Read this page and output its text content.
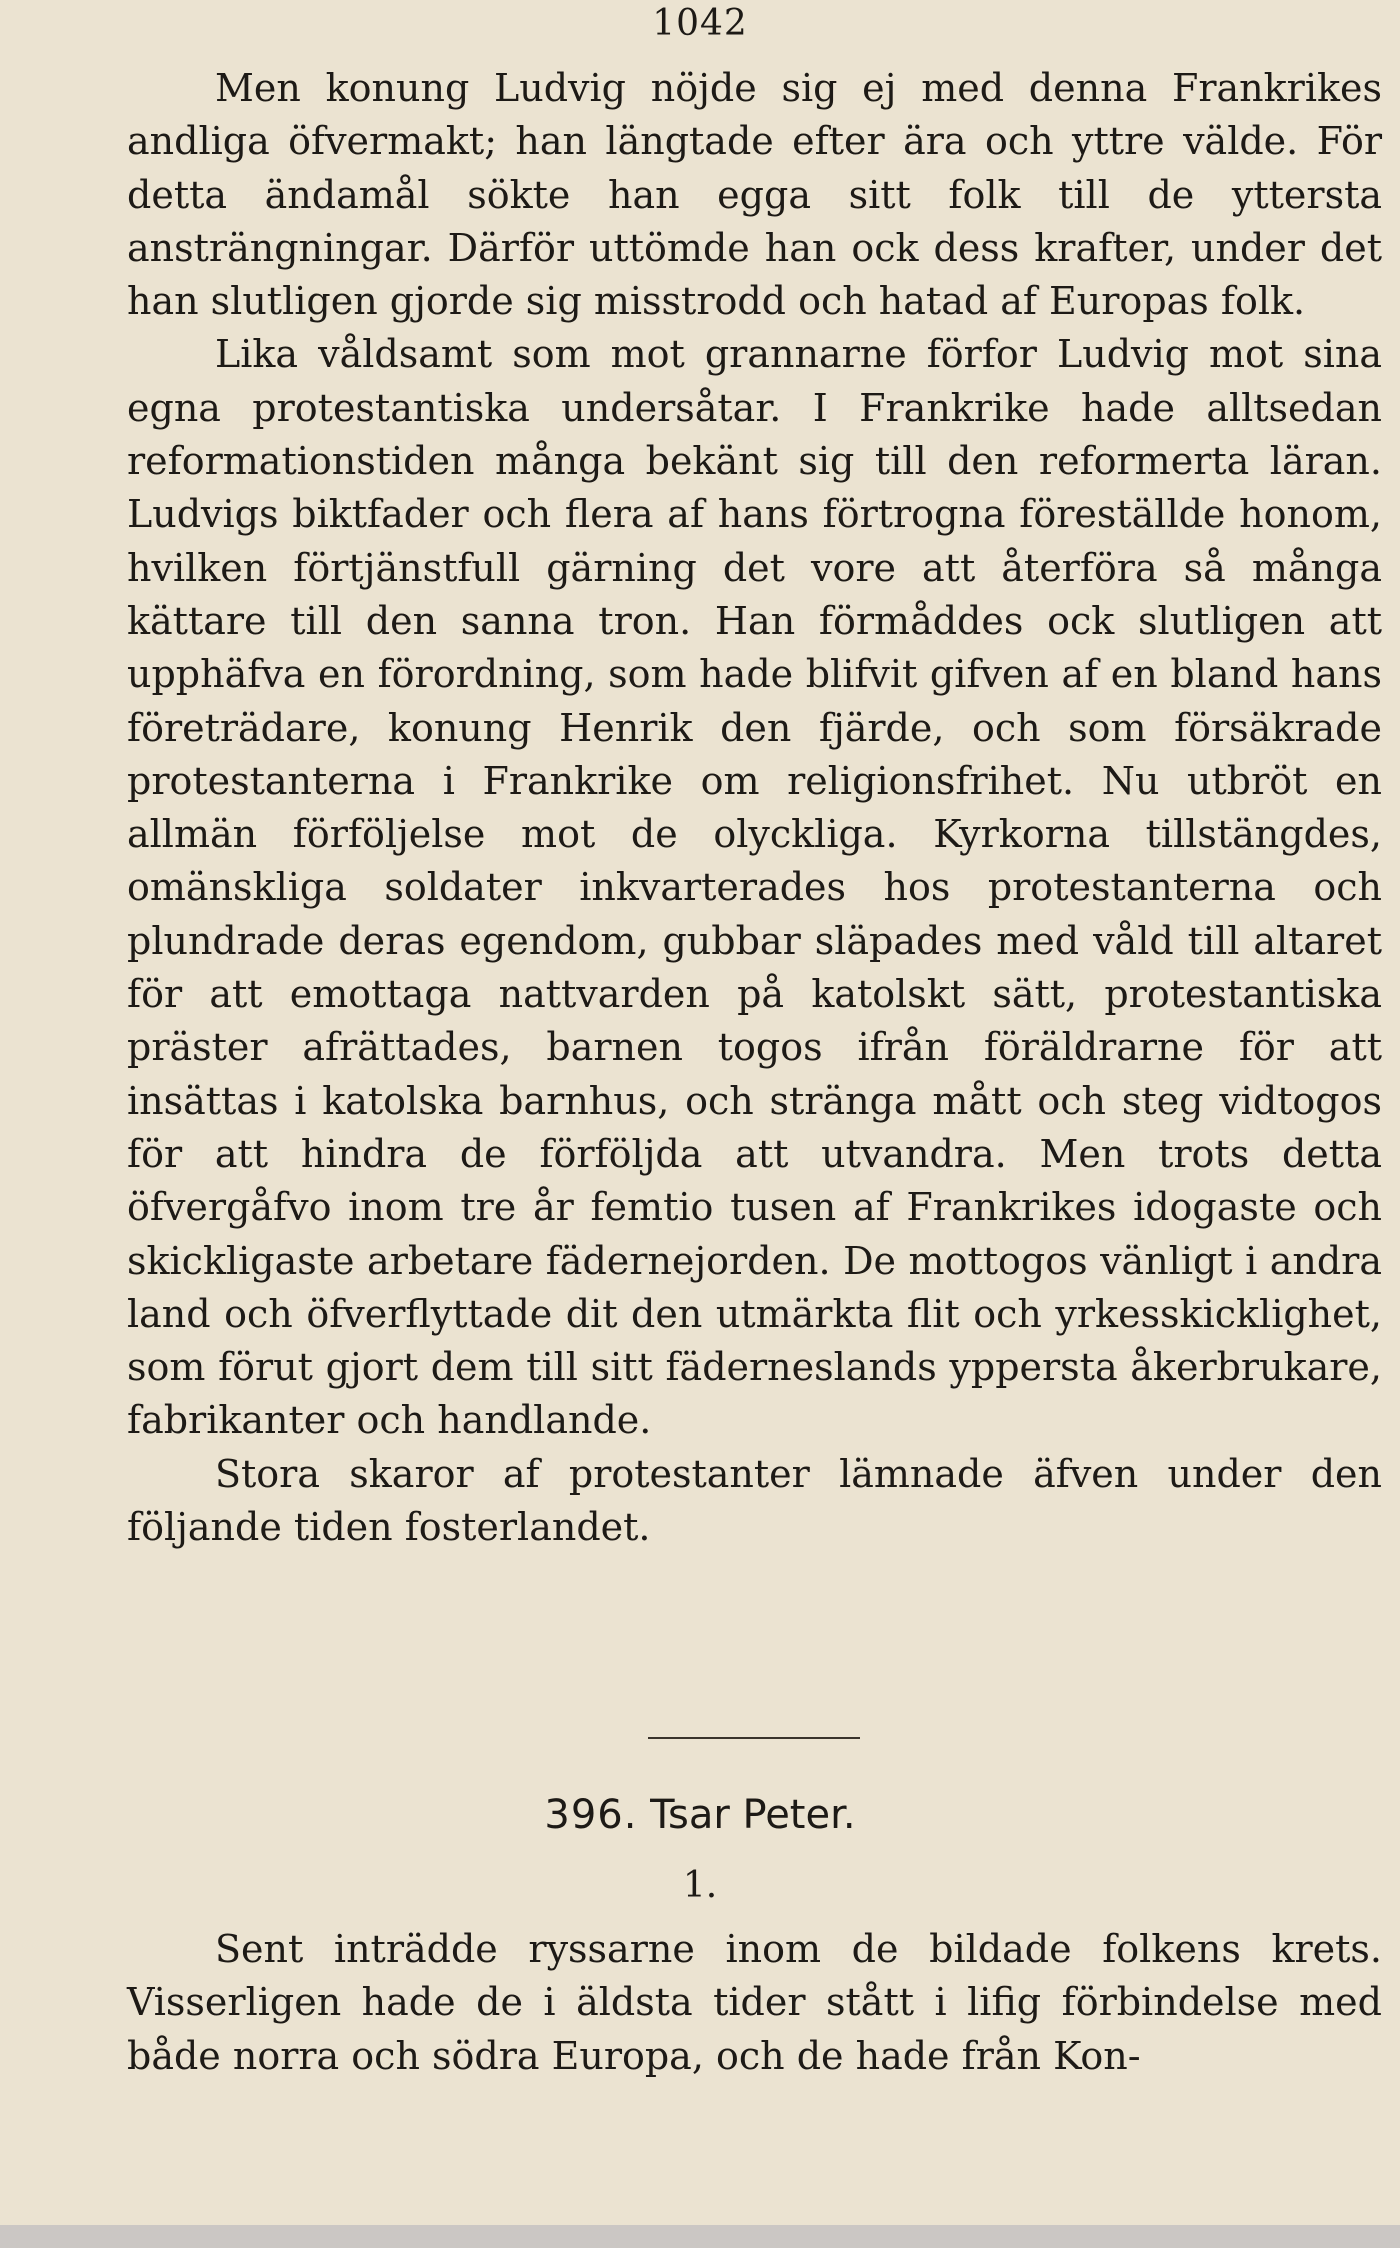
1042

Men konung Ludvig nöjde sig ej med denna Frankrikes andliga öfvermakt; han längtade efter ära och yttre välde. För detta ändamål sökte han egga sitt folk till de yttersta ansträngningar. Därför uttömde han ock dess krafter, under det han slutligen gjorde sig misstrodd och hatad af Europas folk.

Lika våldsamt som mot grannarne förfor Ludvig mot sina egna protestantiska undersåtar. I Frankrike hade alltsedan reformationstiden många bekänt sig till den reformerta läran. Ludvigs biktfader och flera af hans förtrogna föreställde honom, hvilken förtjänstfull gärning det vore att återföra så många kättare till den sanna tron. Han förmåddes ock slutligen att upphäfva en förordning, som hade blifvit gifven af en bland hans företrädare, konung Henrik den fjärde, och som försäkrade protestanterna i Frankrike om religionsfrihet. Nu utbröt en allmän förföljelse mot de olyckliga. Kyrkorna tillstängdes, omänskliga soldater inkvarterades hos protestanterna och plundrade deras egendom, gubbar släpades med våld till altaret för att emottaga nattvarden på katolskt sätt, protestantiska präster afrättades, barnen togos ifrån föräldrarne för att insättas i katolska barnhus, och stränga mått och steg vidtogos för att hindra de förföljda att utvandra. Men trots detta öfvergåfvo inom tre år femtio tusen af Frankrikes idogaste och skickligaste arbetare fädernejorden. De mottogos vänligt i andra land och öfverflyttade dit den utmärkta flit och yrkesskicklighet, som förut gjort dem till sitt fäderneslands yppersta åkerbrukare, fabrikanter och handlande.

Stora skaror af protestanter lämnade äfven under den följande tiden fosterlandet.

396. Tsar Peter.
1.

Sent inträdde ryssarne inom de bildade folkens krets. Visserligen hade de i äldsta tider stått i lifig förbindelse med både norra och södra Europa, och de hade från Kon-
